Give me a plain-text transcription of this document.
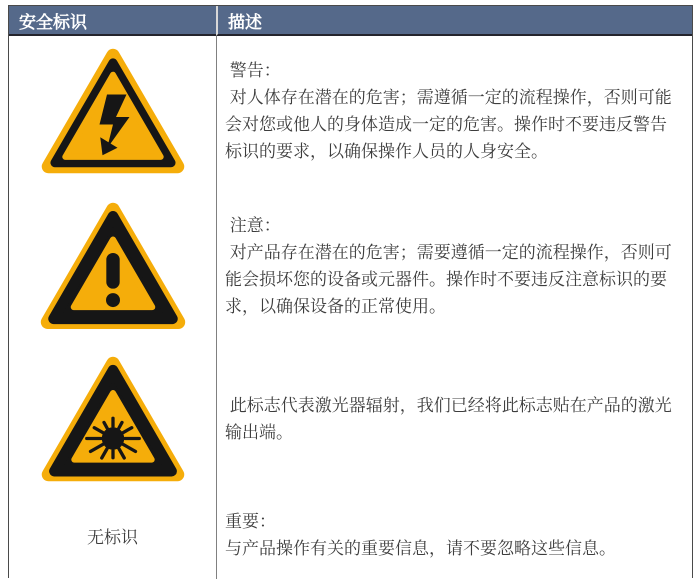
安全标识	描述
警告：
对人体存在潜在的危害；需遵循一定的流程操作，否则可能会对您或他人的身体造成一定的危害。操作时不要违反警告标识的要求，以确保操作人员的人身安全。
注意：
对产品存在潜在的危害；需要遵循一定的流程操作，否则可能会损坏您的设备或元器件。操作时不要违反注意标识的要求，以确保设备的正常使用。
此标志代表激光器辐射，我们已经将此标志贴在产品的激光输出端。
无标识
重要：
与产品操作有关的重要信息，请不要忽略这些信息。
